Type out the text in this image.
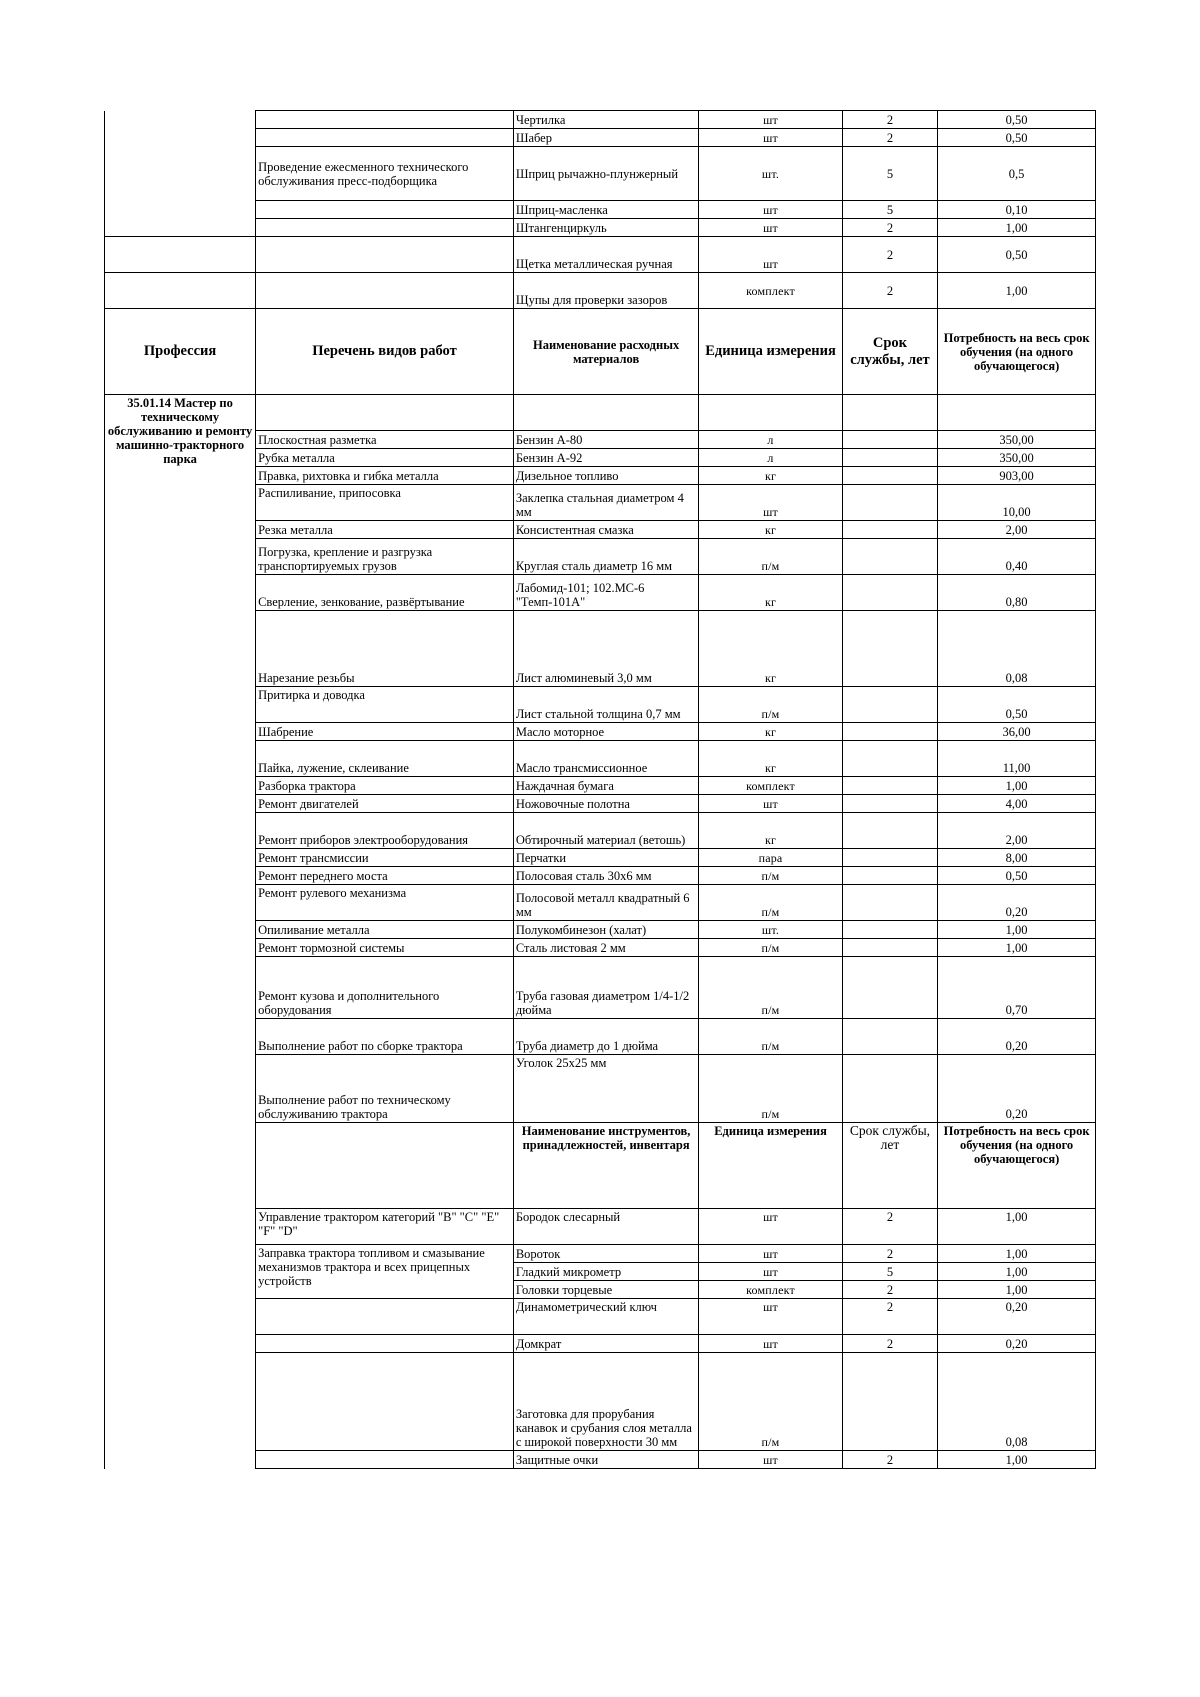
		Чертилка	шт	2	0,50
		Шабер	шт	2	0,50
	Проведение ежесменного технического обслуживания пресс-подборщика	Шприц рычажно-плунжерный	шт.	5	0,5
		Шприц-масленка	шт	5	0,10
		Штангенциркуль	шт	2	1,00
		Щетка металлическая ручная	шт	2	0,50
		Щупы для проверки зазоров	комплект	2	1,00
Профессия	Перечень видов работ	Наименование расходных материалов	Единица измерения	Срок службы, лет	Потребность на весь срок обучения (на одного обучающегося)
35.01.14 Мастер по техническому обслуживанию и ремонту машинно-тракторного парка					
	Плоскостная разметка	Бензин А-80	л		350,00
	Рубка металла	Бензин А-92	л		350,00
	Правка, рихтовка и гибка металла	Дизельное топливо	кг		903,00
	Распиливание, припосовка	Заклепка стальная диаметром 4 мм	шт		10,00
	Резка металла	Консистентная смазка	кг		2,00
	Погрузка, крепление и разгрузка транспортируемых грузов	Круглая сталь диаметр 16 мм	п/м		0,40
	Сверление, зенкование, развёртывание	Лабомид-101; 102.МС-6 "Темп-101А"	кг		0,80
	Нарезание резьбы	Лист алюминевый 3,0 мм	кг		0,08
	Притирка и доводка	Лист стальной толщина 0,7 мм	п/м		0,50
	Шабрение	Масло моторное	кг		36,00
	Пайка, лужение, склеивание	Масло трансмиссионное	кг		11,00
	Разборка трактора	Наждачная бумага	комплект		1,00
	Ремонт двигателей	Ножовочные полотна	шт		4,00
	Ремонт приборов электрооборудования	Обтирочный материал (ветошь)	кг		2,00
	Ремонт трансмиссии	Перчатки	пара		8,00
	Ремонт переднего моста	Полосовая сталь 30х6 мм	п/м		0,50
	Ремонт рулевого механизма	Полосовой металл квадратный 6 мм	п/м		0,20
	Опиливание металла	Полукомбинезон (халат)	шт.		1,00
	Ремонт тормозной системы	Сталь листовая 2 мм	п/м		1,00
	Ремонт кузова и дополнительного оборудования	Труба газовая диаметром 1/4-1/2 дюйма	п/м		0,70
	Выполнение работ по сборке трактора	Труба диаметр до 1 дюйма	п/м		0,20
	Выполнение работ по техническому обслуживанию трактора	Уголок 25х25 мм	п/м		0,20
		Наименование инструментов, принадлежностей, инвентаря	Единица измерения	Срок службы, лет	Потребность на весь срок обучения (на одного обучающегося)
	Управление трактором категорий "В" "С" "Е" "F" "D"	Бородок слесарный	шт	2	1,00
	Заправка трактора топливом и смазывание механизмов трактора и всех прицепных устройств	Вороток	шт	2	1,00
		Гладкий микрометр	шт	5	1,00
		Головки торцевые	комплект	2	1,00
		Динамометрический ключ	шт	2	0,20
		Домкрат	шт	2	0,20
		Заготовка для прорубания канавок и срубания слоя металла с широкой поверхности 30 мм	п/м		0,08
		Защитные очки	шт	2	1,00
